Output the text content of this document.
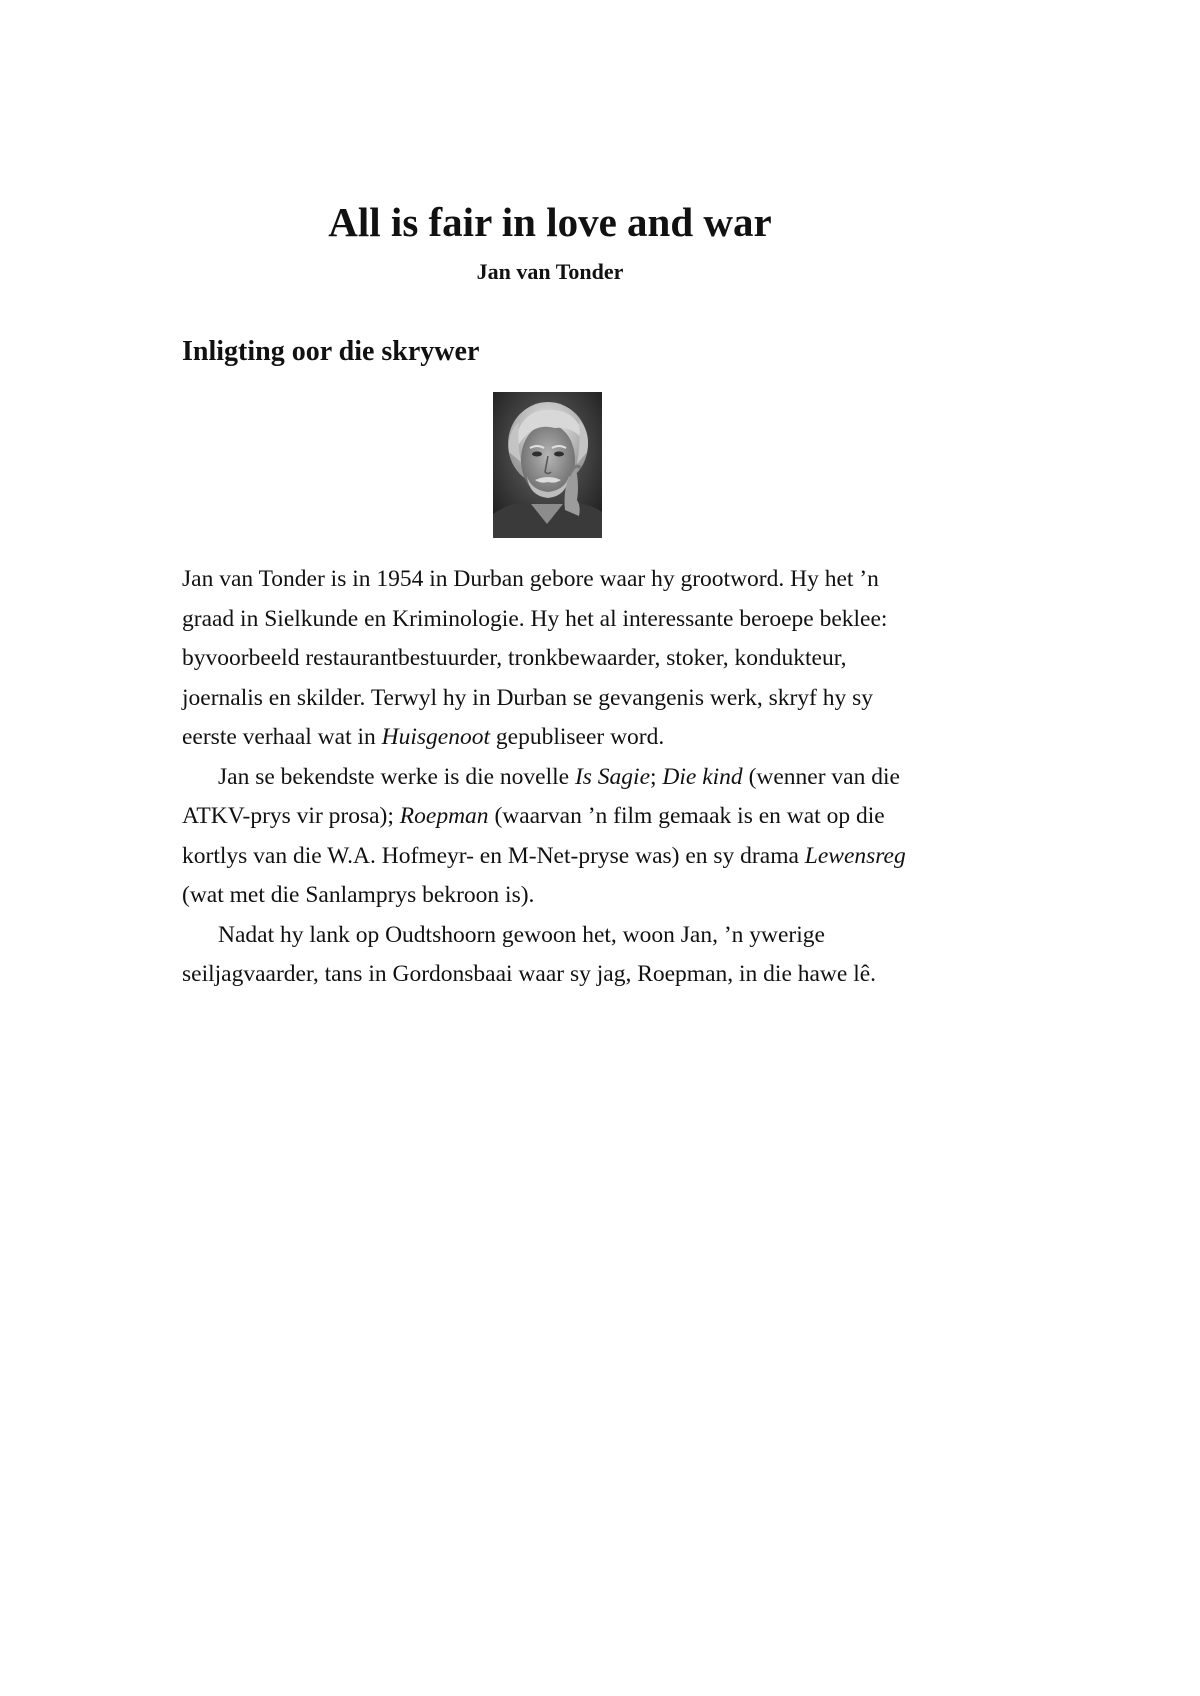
All is fair in love and war
Jan van Tonder
Inligting oor die skrywer

Jan van Tonder is in 1954 in Durban gebore waar hy grootword. Hy het ’n graad in Sielkunde en Kriminologie. Hy het al interessante beroepe beklee: byvoorbeeld restaurantbestuurder, tronkbewaarder, stoker, kondukteur, joernalis en skilder. Terwyl hy in Durban se gevangenis werk, skryf hy sy eerste verhaal wat in Huisgenoot gepubliseer word.

Jan se bekendste werke is die novelle Is Sagie; Die kind (wenner van die ATKV-prys vir prosa); Roepman (waarvan ’n film gemaak is en wat op die kortlys van die W.A. Hofmeyr- en M-Net-pryse was) en sy drama Lewensreg (wat met die Sanlamprys bekroon is).

Nadat hy lank op Oudtshoorn gewoon het, woon Jan, ’n ywerige seiljagvaarder, tans in Gordonsbaai waar sy jag, Roepman, in die hawe lê.
